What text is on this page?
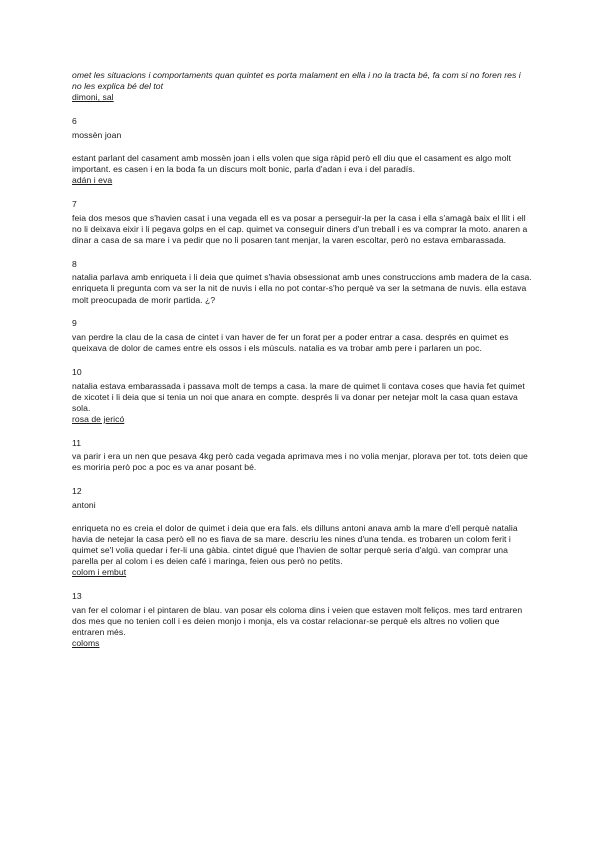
omet les situacions i comportaments quan quintet es porta malament en ella i no la tracta bé, fa com si no foren res i no les explica bé del tot

dimoni, sal

6

mossèn joan

estant parlant del casament amb mossèn joan i ells volen que siga ràpid però ell diu que el casament es algo molt important. es casen i en la boda fa un discurs molt bonic, parla d'adan i eva i del paradís.

adán i eva

7

feia dos mesos que s'havien casat i una vegada ell es va posar a perseguir-la per la casa i ella s'amagà baix el llit i ell no li deixava eixir i li pegava golps en el cap. quimet va conseguir diners d'un treball i es va comprar la moto. anaren a dinar a casa de sa mare i va pedir que no li posaren tant menjar, la varen escoltar, però no estava embarassada.

8

natalia parlava amb enriqueta i li deia que quimet s'havia obsessionat amb unes construccions amb madera de la casa. enriqueta li pregunta com va ser la nit de nuvis i ella no pot contar-s'ho perquè va ser la setmana de nuvis. ella estava molt preocupada de morir partida. ¿?

9

van perdre la clau de la casa de cintet i van haver de fer un forat per a poder entrar a casa. després en quimet es queixava de dolor de cames entre els ossos i els músculs. natalia es va trobar amb pere i parlaren un poc.

10

natalia estava embarassada i passava molt de temps a casa. la mare de quimet li contava coses que havia fet quimet de xicotet i li deia que si tenia un noi que anara en compte. després li va donar per netejar molt la casa quan estava sola.

rosa de jericó

11

va parir i era un nen que pesava 4kg però cada vegada aprimava mes i no volia menjar, plorava per tot. tots deien que es moriria però poc a poc es va anar posant bé.

12

antoni

enriqueta no es creia el dolor de quimet i deia que era fals. els dilluns antoni anava amb la mare d'ell perquè natalia havia de netejar la casa però ell no es fiava de sa mare. descriu les nines d'una tenda. es trobaren un colom ferit i quimet se'l volia quedar i fer-li una gàbia. cintet digué que l'havien de soltar perquè seria d'algú. van comprar una parella per al colom i es deien café i maringa, feien ous però no petits.

colom i embut

13

van fer el colomar i el pintaren de blau. van posar els coloma dins i veien que estaven molt feliços. mes tard entraren dos mes que no tenien coll i es deien monjo i monja, els va costar relacionar-se perquè els altres no volien que entraren més.

coloms
